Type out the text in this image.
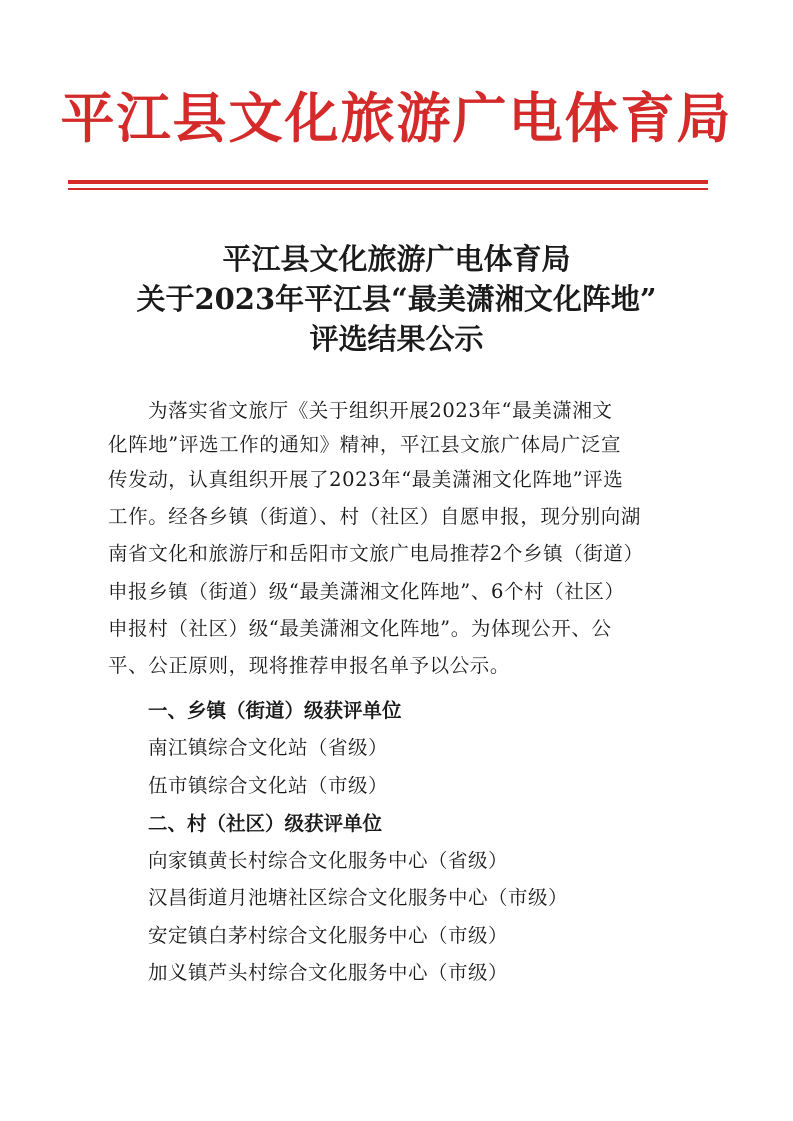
平江县文化旅游广电体育局
平江县文化旅游广电体育局
关于2023年平江县“最美潇湘文化阵地”
评选结果公示
为落实省文旅厅《关于组织开展2023年“最美潇湘文
化阵地”评选工作的通知》精神，平江县文旅广体局广泛宣
传发动，认真组织开展了2023年“最美潇湘文化阵地”评选
工作。经各乡镇（街道）、村（社区）自愿申报，现分别向湖
南省文化和旅游厅和岳阳市文旅广电局推荐2个乡镇（街道）
申报乡镇（街道）级“最美潇湘文化阵地”、6个村（社区）
申报村（社区）级“最美潇湘文化阵地”。为体现公开、公
平、公正原则，现将推荐申报名单予以公示。
一、乡镇（街道）级获评单位
南江镇综合文化站（省级）
伍市镇综合文化站（市级）
二、村（社区）级获评单位
向家镇黄长村综合文化服务中心（省级）
汉昌街道月池塘社区综合文化服务中心（市级）
安定镇白茅村综合文化服务中心（市级）
加义镇芦头村综合文化服务中心（市级）
